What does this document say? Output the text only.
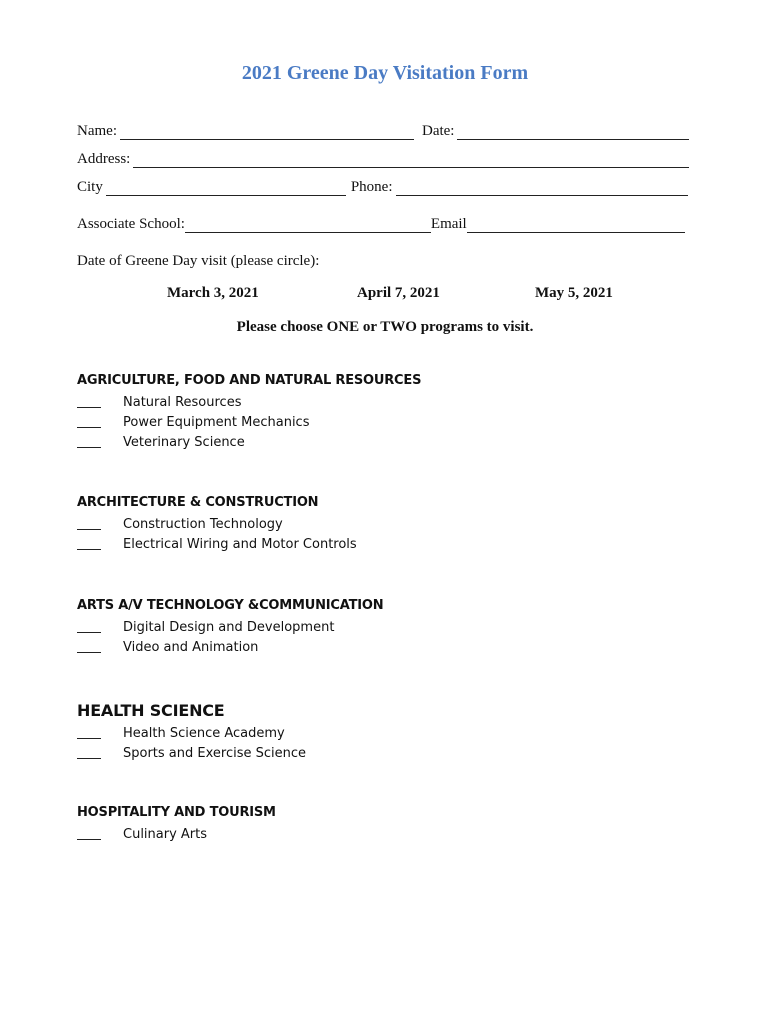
2021 Greene Day Visitation Form
Name:	Date:
Address:
City	Phone:
Associate School:	Email
Date of Greene Day visit (please circle):
March 3, 2021	April 7, 2021	May 5, 2021
Please choose ONE or TWO programs to visit.
AGRICULTURE, FOOD AND NATURAL RESOURCES
Natural Resources
Power Equipment Mechanics
Veterinary Science
ARCHITECTURE & CONSTRUCTION
Construction Technology
Electrical Wiring and Motor Controls
ARTS A/V TECHNOLOGY &COMMUNICATION
Digital Design and Development
Video and Animation
HEALTH SCIENCE
Health Science Academy
Sports and Exercise Science
HOSPITALITY AND TOURISM
Culinary Arts
